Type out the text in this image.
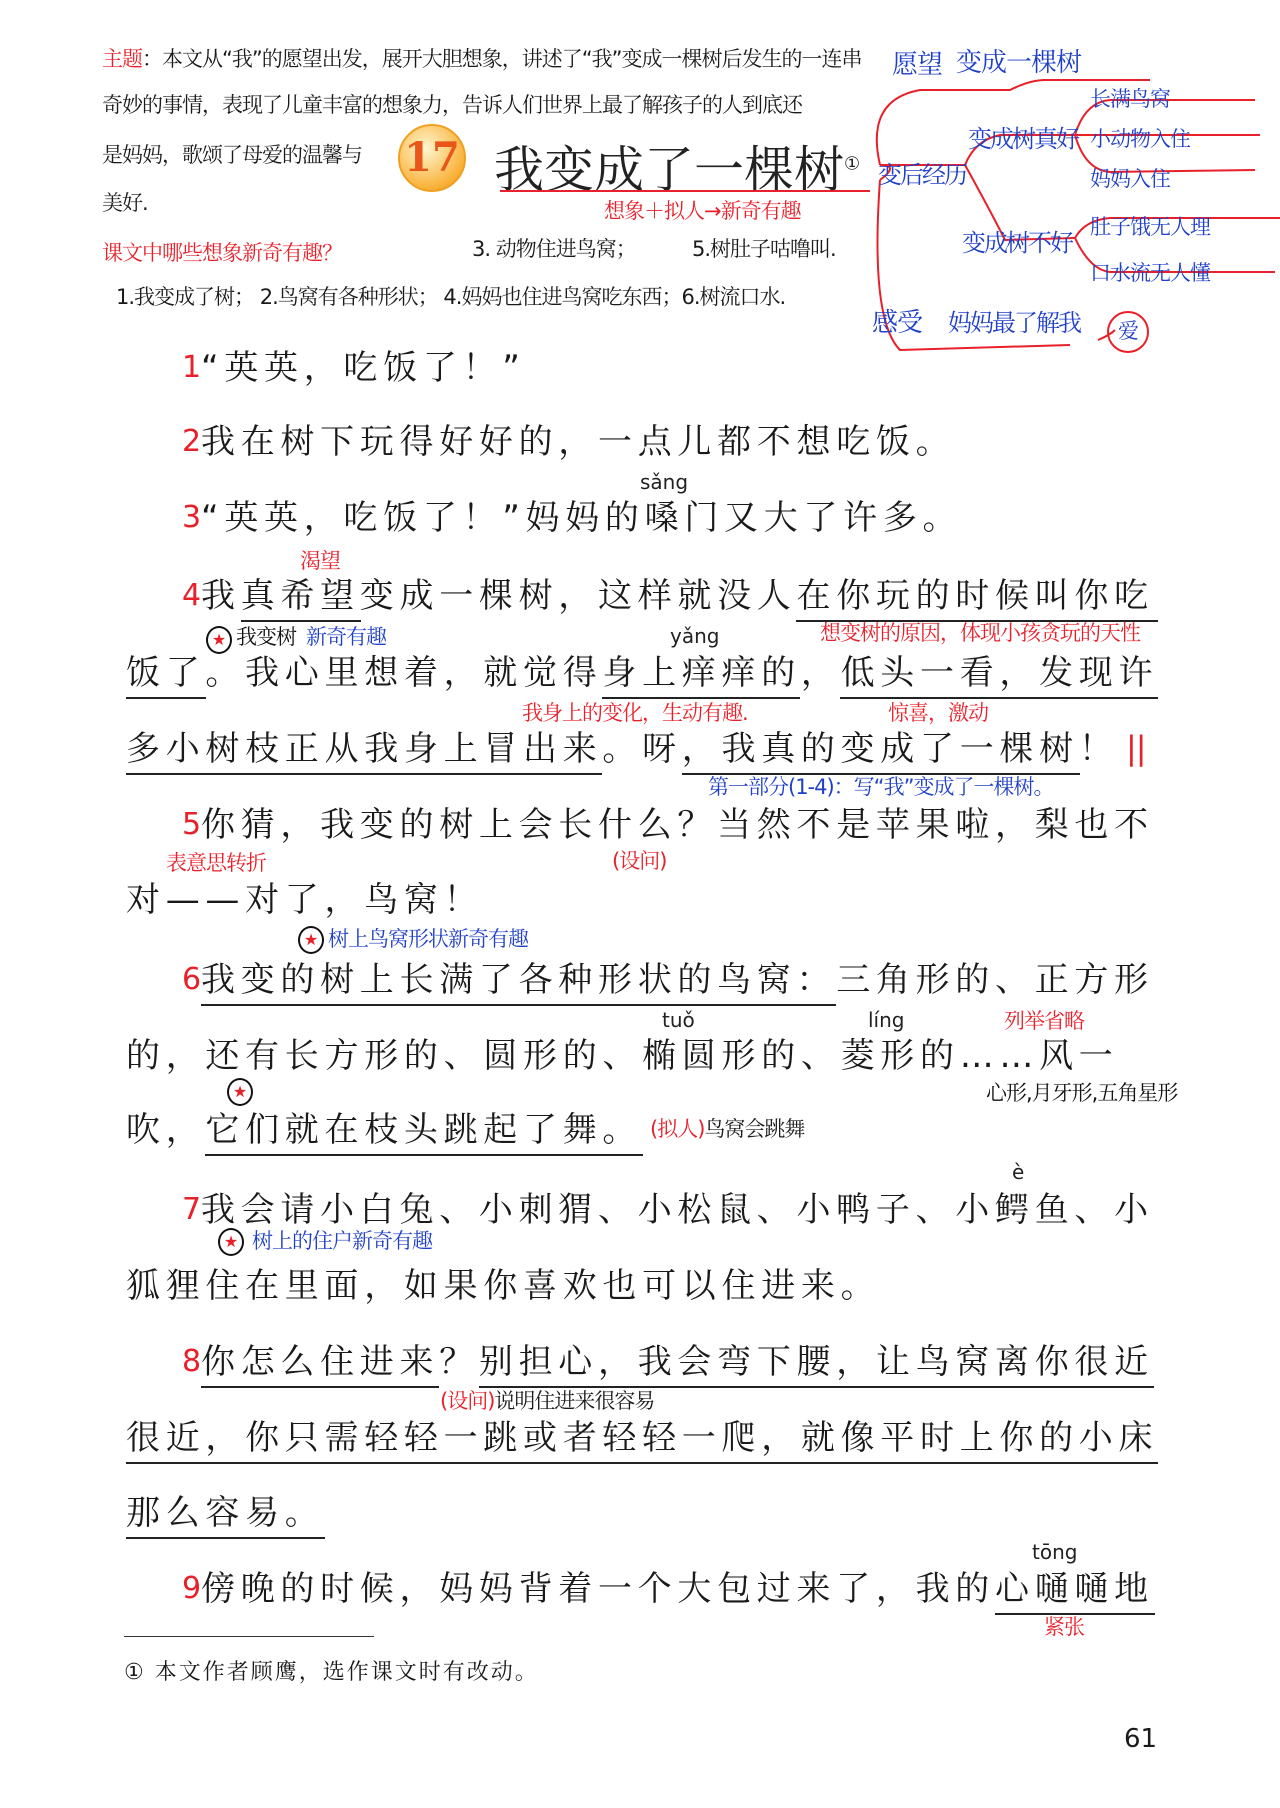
主题：本文从“我”的愿望出发，展开大胆想象，讲述了“我”变成一棵树后发生的一连串
奇妙的事情，表现了儿童丰富的想象力，告诉人们世界上最了解孩子的人到底还
是妈妈，歌颂了母爱的温馨与
美好.
17 我变成了一棵树①
想象＋拟人→新奇有趣
课文中哪些想象新奇有趣？	3. 动物住进鸟窝；	5.树肚子咕噜叫.
1.我变成了树； 2.鸟窝有各种形状； 4.妈妈也住进鸟窝吃东西；6.树流口水.
愿望 变成一棵树
变后经历
变成树真好
长满鸟窝
小动物入住
妈妈入住
变成树不好
肚子饿无人理
口水流无人懂
感受 妈妈最了解我 爱
1
2
3
4
5
6
7
8
9
“英英，吃饭了！”
我在树下玩得好好的，一点儿都不想吃饭。
“英英，吃饭了！”妈妈的嗓门又大了许多。
我真希望变成一棵树，这样就没人在你玩的时候叫你吃
饭了。我心里想着，就觉得身上痒痒的，低头一看，发现许
多小树枝正从我身上冒出来。呀，我真的变成了一棵树！
你猜，我变的树上会长什么？当然不是苹果啦，梨也不
对——对了，鸟窝！
我变的树上长满了各种形状的鸟窝：三角形的、正方形
的，还有长方形的、圆形的、椭圆形的、菱形的……风一
吹，它们就在枝头跳起了舞。
我会请小白兔、小刺猬、小松鼠、小鸭子、小鳄鱼、小
狐狸住在里面，如果你喜欢也可以住进来。
你怎么住进来？别担心，我会弯下腰，让鸟窝离你很近
很近，你只需轻轻一跳或者轻轻一爬，就像平时上你的小床
那么容易。
傍晚的时候，妈妈背着一个大包过来了，我的心嗵嗵地
sǎng
yǎng
tuǒ	líng
è
tōng
渴望
★ 我变树 新奇有趣	想变树的原因，体现小孩贪玩的天性
我身上的变化，生动有趣.	惊喜，激动
||
第一部分(1-4)：写“我”变成了一棵树。
(设问)
表意思转折
★ 树上鸟窝形状新奇有趣
列举省略
心形,月牙形,五角星形
★
(拟人)鸟窝会跳舞
★ 树上的住户新奇有趣
(设问)说明住进来很容易
紧张
① 本文作者顾鹰，选作课文时有改动。
61
